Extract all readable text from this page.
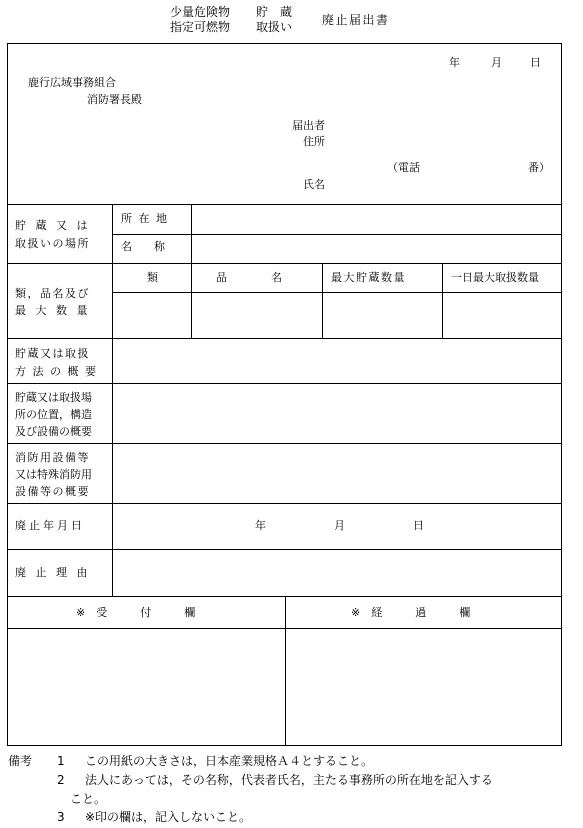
少量危険物 貯　蔵
指定可燃物 取扱い 廃止届出書
年	月	日
鹿行広域事務組合
消防署長殿
届出者
住所
（電話	番）
氏名
貯 蔵 又 は
取扱いの場所
所 在 地
名　　称
類，品名及び
最 大 数 量
類	品　　　　名	最大貯蔵数量	一日最大取扱数量
貯蔵又は取扱
方 法 の 概 要
貯蔵又は取扱場
所の位置，構造
及び設備の概要
消防用設備等
又は特殊消防用
設備等の概要
廃止年月日	年	月	日
廃 止 理 由
※　受　　　付　　　欄	※　経　　　過　　　欄
備考 1 この用紙の大きさは，日本産業規格Ａ４とすること。
2 法人にあっては，その名称，代表者氏名，主たる事務所の所在地を記入する
こと。
3 ※印の欄は，記入しないこと。
